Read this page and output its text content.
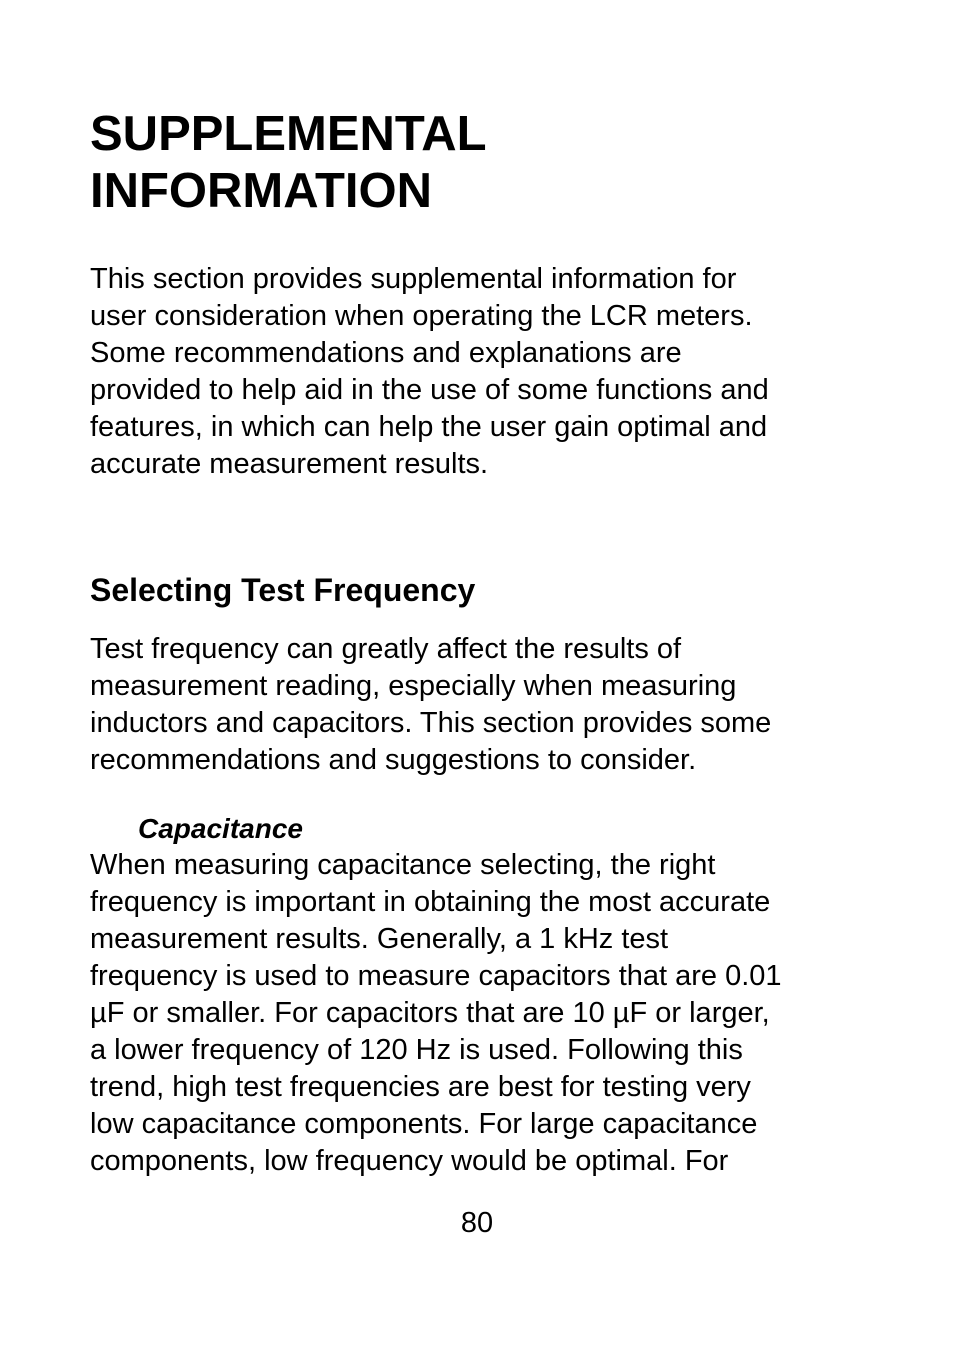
SUPPLEMENTAL
INFORMATION

This section provides supplemental information for
user consideration when operating the LCR meters.
Some recommendations and explanations are
provided to help aid in the use of some functions and
features, in which can help the user gain optimal and
accurate measurement results.

Selecting Test Frequency

Test frequency can greatly affect the results of
measurement reading, especially when measuring
inductors and capacitors. This section provides some
recommendations and suggestions to consider.

Capacitance

When measuring capacitance selecting, the right
frequency is important in obtaining the most accurate
measurement results. Generally, a 1 kHz test
frequency is used to measure capacitors that are 0.01
µF or smaller. For capacitors that are 10 µF or larger,
a lower frequency of 120 Hz is used. Following this
trend, high test frequencies are best for testing very
low capacitance components. For large capacitance
components, low frequency would be optimal. For

80
